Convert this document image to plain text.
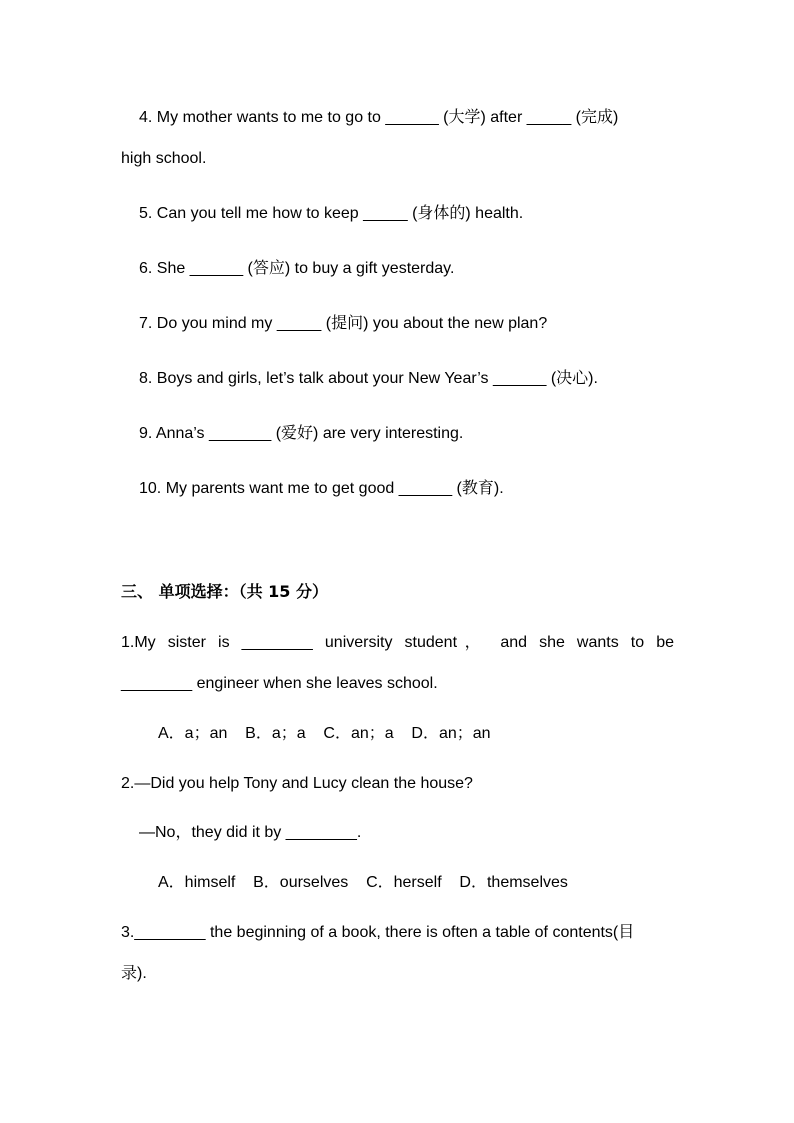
4. My mother wants to me to go to ______ (大学) after _____ (完成)
high school.
5. Can you tell me how to keep _____ (身体的) health.
6. She ______ (答应) to buy a gift yesterday.
7. Do you mind my _____ (提问) you about the new plan?
8. Boys and girls, let’s talk about your New Year’s ______ (决心).
9. Anna’s _______ (爱好) are very interesting.
10. My parents want me to get good ______ (教育).
三、 单项选择：（共 15 分）
1.My sister is ________ university student， and she wants to be
________ engineer when she leaves school.
A．a；an    B．a；a    C．an；a    D．an；an
2.—Did you help Tony and Lucy clean the house?
—No，they did it by ________.
A．himself    B．ourselves    C．herself    D．themselves
3.________ the beginning of a book, there is often a table of contents(目
录).
